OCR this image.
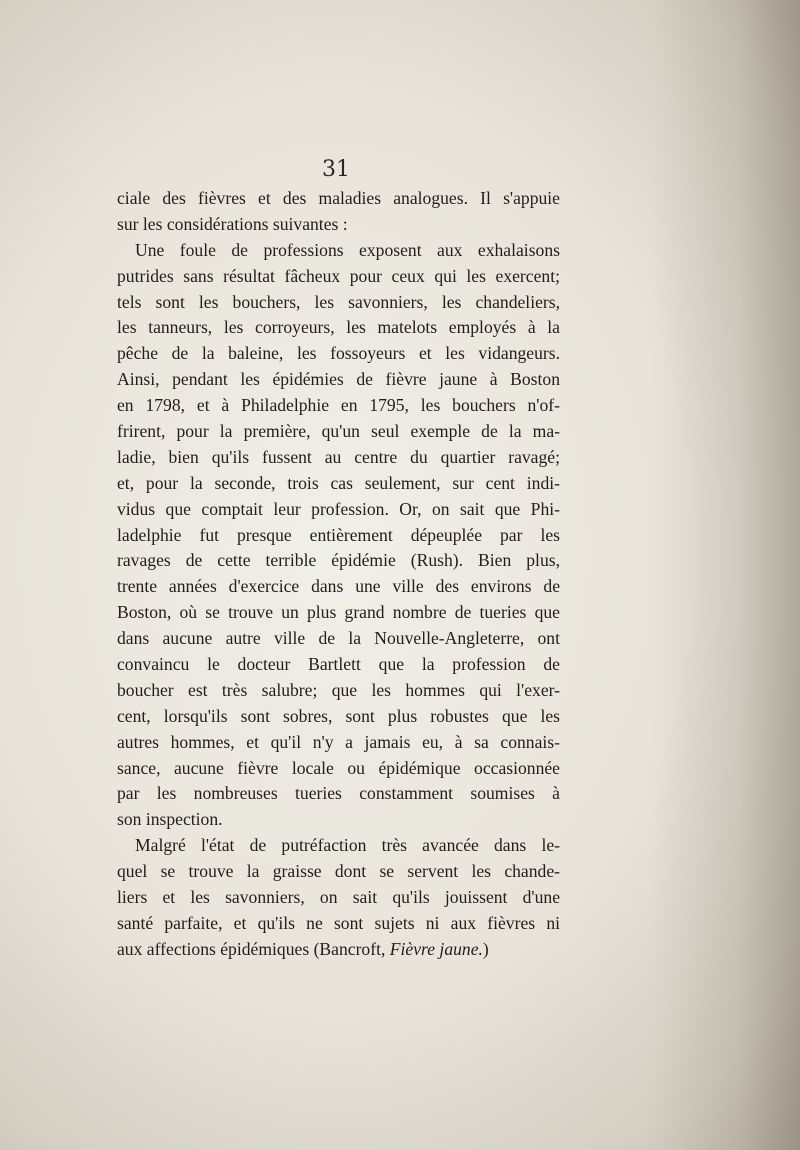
31
ciale des fièvres et des maladies analogues. Il s'appuie
sur les considérations suivantes :
Une foule de professions exposent aux exhalaisons
putrides sans résultat fâcheux pour ceux qui les exercent;
tels sont les bouchers, les savonniers, les chandeliers,
les tanneurs, les corroyeurs, les matelots employés à la
pêche de la baleine, les fossoyeurs et les vidangeurs.
Ainsi, pendant les épidémies de fièvre jaune à Boston
en 1798, et à Philadelphie en 1795, les bouchers n'of-
frirent, pour la première, qu'un seul exemple de la ma-
ladie, bien qu'ils fussent au centre du quartier ravagé;
et, pour la seconde, trois cas seulement, sur cent indi-
vidus que comptait leur profession. Or, on sait que Phi-
ladelphie fut presque entièrement dépeuplée par les
ravages de cette terrible épidémie (Rush). Bien plus,
trente années d'exercice dans une ville des environs de
Boston, où se trouve un plus grand nombre de tueries que
dans aucune autre ville de la Nouvelle-Angleterre, ont
convaincu le docteur Bartlett que la profession de
boucher est très salubre; que les hommes qui l'exer-
cent, lorsqu'ils sont sobres, sont plus robustes que les
autres hommes, et qu'il n'y a jamais eu, à sa connais-
sance, aucune fièvre locale ou épidémique occasionnée
par les nombreuses tueries constamment soumises à
son inspection.
Malgré l'état de putréfaction très avancée dans le-
quel se trouve la graisse dont se servent les chande-
liers et les savonniers, on sait qu'ils jouissent d'une
santé parfaite, et qu'ils ne sont sujets ni aux fièvres ni
aux affections épidémiques (Bancroft, Fièvre jaune.)
